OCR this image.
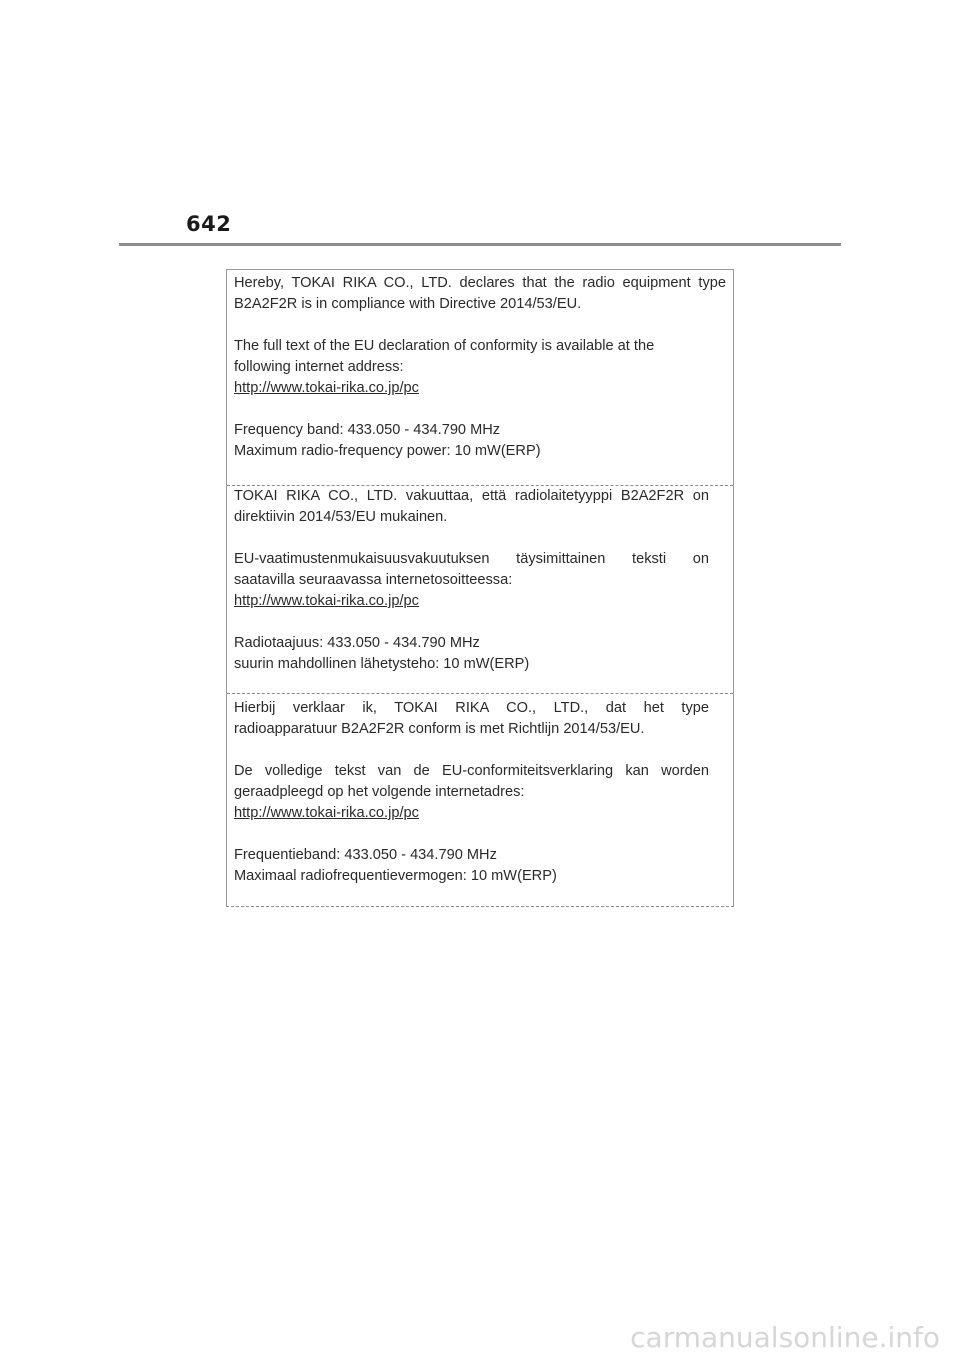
642

Hereby, TOKAI RIKA CO., LTD. declares that the radio equipment type
B2A2F2R is in compliance with Directive 2014/53/EU.

The full text of the EU declaration of conformity is available at the
following internet address:

http://www.tokai-rika.co.jp/pc

Frequency band: 433.050 - 434.790 MHz
Maximum radio-frequency power: 10 mW(ERP)

TOKAI RIKA CO., LTD. vakuuttaa, että radiolaitetyyppi B2A2F2R on
direktiivin 2014/53/EU mukainen.

EU-vaatimustenmukaisuusvakuutuksen täysimittainen teksti on
saatavilla seuraavassa internetosoitteessa:

http://www.tokai-rika.co.jp/pc

Radiotaajuus: 433.050 - 434.790 MHz
suurin mahdollinen lähetysteho: 10 mW(ERP)

Hierbij verklaar ik, TOKAI RIKA CO., LTD., dat het type
radioapparatuur B2A2F2R conform is met Richtlijn 2014/53/EU.

De volledige tekst van de EU-conformiteitsverklaring kan worden
geraadpleegd op het volgende internetadres:

http://www.tokai-rika.co.jp/pc

Frequentieband: 433.050 - 434.790 MHz
Maximaal radiofrequentievermogen: 10 mW(ERP)

carmanualsonline.info
